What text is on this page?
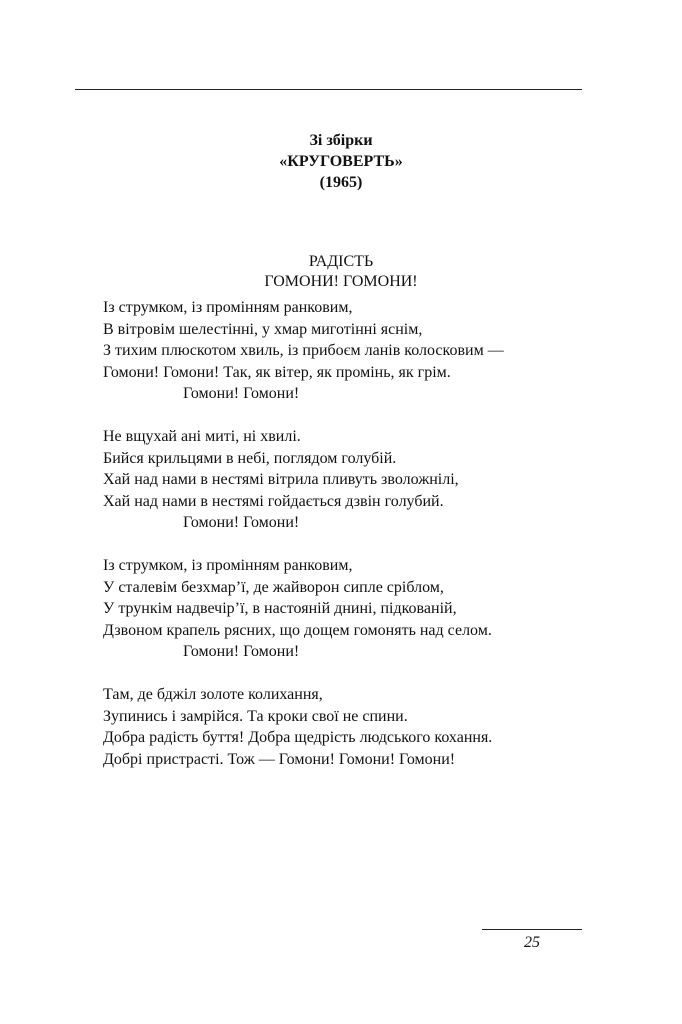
Зі збірки
«КРУГОВЕРТЬ»
(1965)
РАДІСТЬ
ГОМОНИ! ГОМОНИ!
Із струмком, із промінням ранковим,
В вітровім шелестінні, у хмар миготінні яснім,
З тихим плюскотом хвиль, із прибоєм ланів колосковим —
Гомони! Гомони! Так, як вітер, як промінь, як грім.
Гомони! Гомони!
Не вщухай ані миті, ні хвилі.
Бийся крильцями в небі, поглядом голубій.
Хай над нами в нестямі вітрила пливуть зволожнілі,
Хай над нами в нестямі гойдається дзвін голубий.
Гомони! Гомони!
Із струмком, із промінням ранковим,
У сталевім безхмар’ї, де жайворон сипле сріблом,
У трункім надвечір’ї, в настояній днині, підкованій,
Дзвоном крапель рясних, що дощем гомонять над селом.
Гомони! Гомони!
Там, де бджіл золоте колихання,
Зупинись і замрійся. Та кроки свої не спини.
Добра радість буття! Добра щедрість людського кохання.
Добрі пристрасті. Тож — Гомони! Гомони! Гомони!
25
